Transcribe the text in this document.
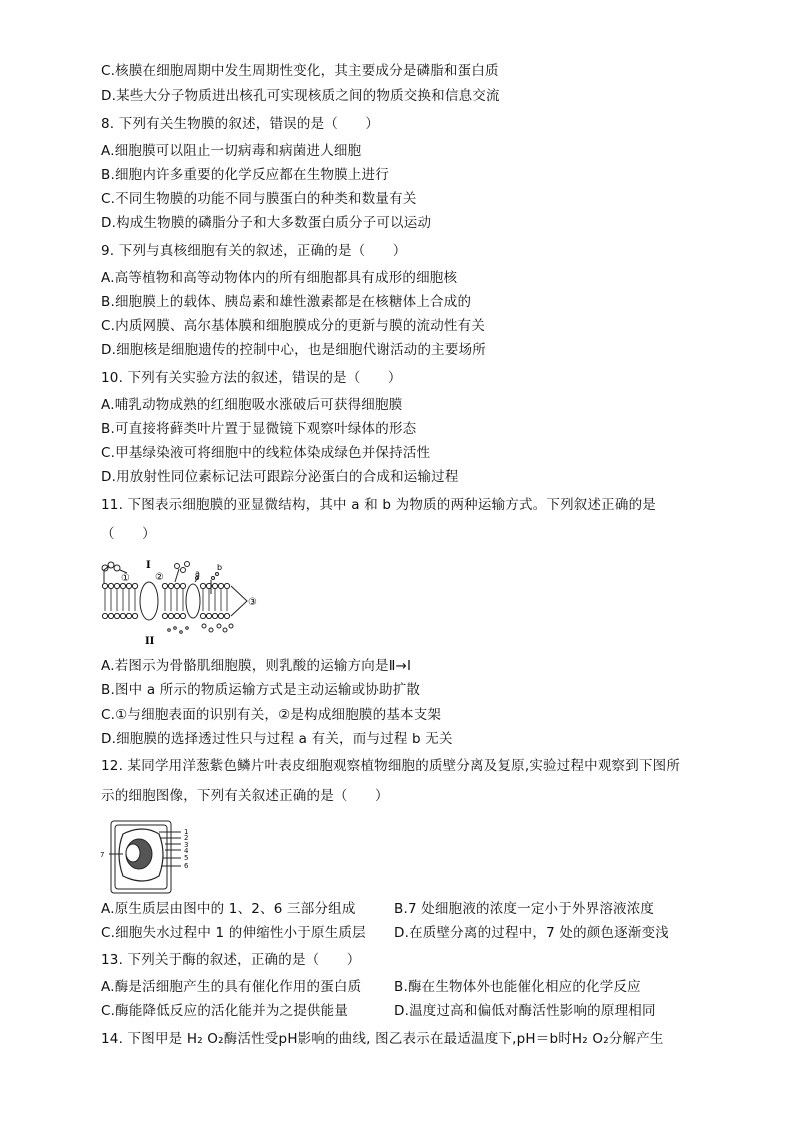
C.核膜在细胞周期中发生周期性变化，其主要成分是磷脂和蛋白质
D.某些大分子物质进出核孔可实现核质之间的物质交换和信息交流
8. 下列有关生物膜的叙述，错误的是（　　）
A.细胞膜可以阻止一切病毒和病菌进人细胞
B.细胞内许多重要的化学反应都在生物膜上进行
C.不同生物膜的功能不同与膜蛋白的种类和数量有关
D.构成生物膜的磷脂分子和大多数蛋白质分子可以运动
9. 下列与真核细胞有关的叙述，正确的是（　　）
A.高等植物和高等动物体内的所有细胞都具有成形的细胞核
B.细胞膜上的载体、胰岛素和雄性激素都是在核糖体上合成的
C.内质网膜、高尔基体膜和细胞膜成分的更新与膜的流动性有关
D.细胞核是细胞遗传的控制中心，也是细胞代谢活动的主要场所
10. 下列有关实验方法的叙述，错误的是（　　）
A.哺乳动物成熟的红细胞吸水涨破后可获得细胞膜
B.可直接将藓类叶片置于显微镜下观察叶绿体的形态
C.甲基绿染液可将细胞中的线粒体染成绿色并保持活性
D.用放射性同位素标记法可跟踪分泌蛋白的合成和运输过程
11. 下图表示细胞膜的亚显微结构，其中 a 和 b 为物质的两种运输方式。下列叙述正确的是
（　　）
I
II
①	②
③
a
b
A.若图示为骨骼肌细胞膜，则乳酸的运输方向是Ⅱ→Ⅰ
B.图中 a 所示的物质运输方式是主动运输或协助扩散
C.①与细胞表面的识别有关，②是构成细胞膜的基本支架
D.细胞膜的选择透过性只与过程 a 有关，而与过程 b 无关
12. 某同学用洋葱紫色鳞片叶表皮细胞观察植物细胞的质壁分离及复原,实验过程中观察到下图所
示的细胞图像，下列有关叙述正确的是（　　）
1
2
3
4
5
6
7
A.原生质层由图中的 1、2、6 三部分组成	B.7 处细胞液的浓度一定小于外界溶液浓度
C.细胞失水过程中 1 的伸缩性小于原生质层 D.在质壁分离的过程中，7 处的颜色逐渐变浅
13. 下列关于酶的叙述，正确的是（　　）
A.酶是活细胞产生的具有催化作用的蛋白质 B.酶在生物体外也能催化相应的化学反应
C.酶能降低反应的活化能并为之提供能量	D.温度过高和偏低对酶活性影响的原理相同
14. 下图甲是 H₂ O₂酶活性受pH影响的曲线, 图乙表示在最适温度下,pH＝b时H₂ O₂分解产生
